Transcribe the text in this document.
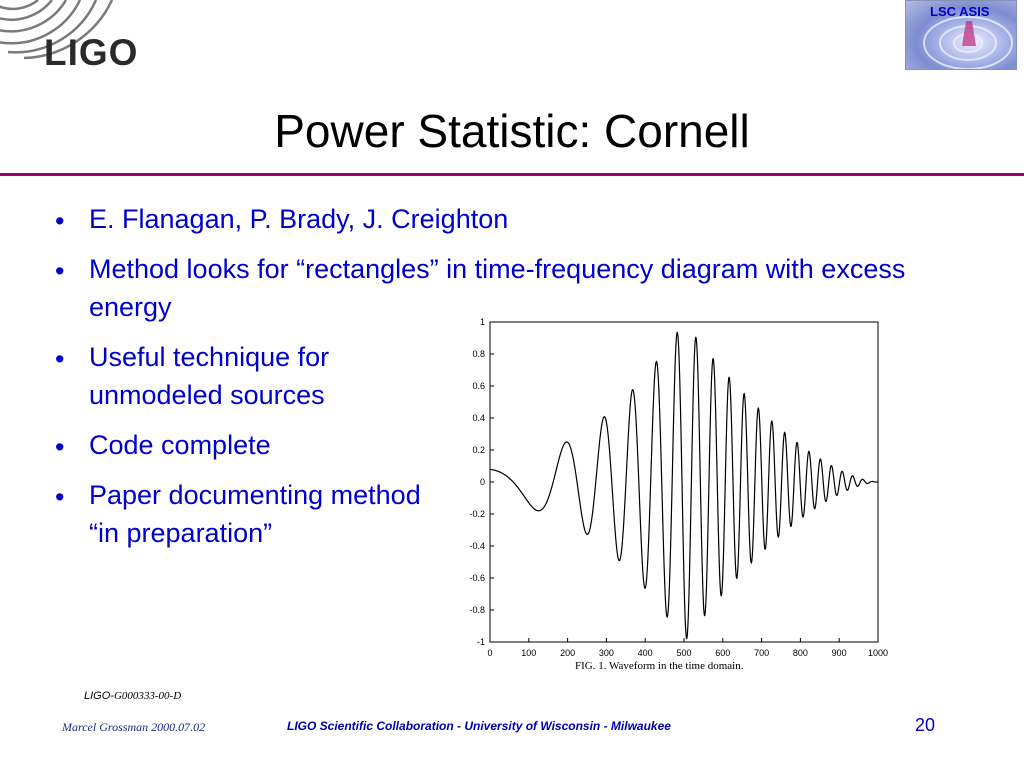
LIGO
LSC ASIS
Power Statistic: Cornell
• E. Flanagan, P. Brady, J. Creighton
• Method looks for “rectangles” in time-frequency diagram with excess energy
• Useful technique for unmodeled sources
• Code complete
• Paper documenting method “in preparation”
0	100	200	300	400	500	600	700	800	900 1000
1
0.8
0.6
0.4
0.2
0
-0.2
-0.4
-0.6
-0.8
-1
FIG. 1. Waveform in the time domain.
LIGO-G000333-00-D
Marcel Grossman 2000.07.02	LIGO Scientific Collaboration - University of Wisconsin - Milwaukee	20
